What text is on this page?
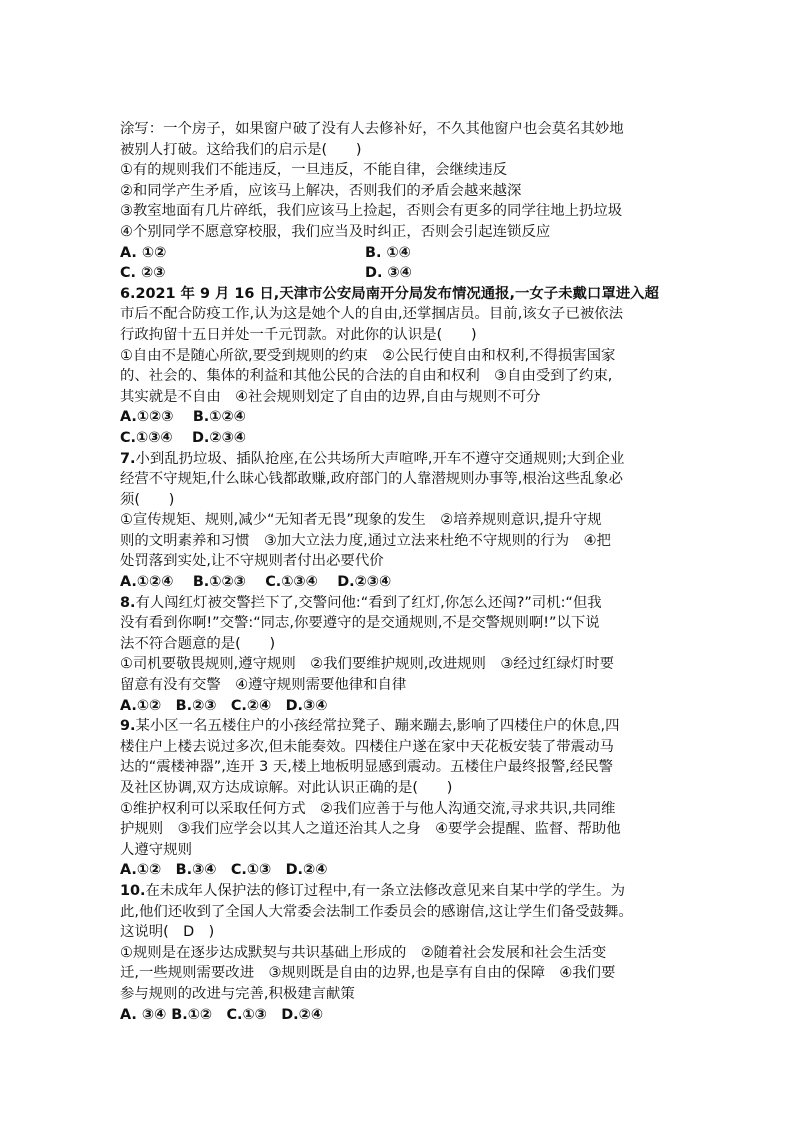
涂写：一个房子，如果窗户破了没有人去修补好，不久其他窗户也会莫名其妙地
被别人打破。这给我们的启示是(　　)
①有的规则我们不能违反，一旦违反，不能自律，会继续违反
②和同学产生矛盾，应该马上解决，否则我们的矛盾会越来越深
③教室地面有几片碎纸，我们应该马上捡起，否则会有更多的同学往地上扔垃圾
④个别同学不愿意穿校服，我们应当及时纠正，否则会引起连锁反应
A. ①②	B. ①④
C. ②③	D. ③④
6.2021 年 9 月 16 日,天津市公安局南开分局发布情况通报,一女子未戴口罩进入超
市后不配合防疫工作,认为这是她个人的自由,还掌掴店员。目前,该女子已被依法
行政拘留十五日并处一千元罚款。对此你的认识是(　　)
①自由不是随心所欲,要受到规则的约束　②公民行使自由和权利,不得损害国家
的、社会的、集体的利益和其他公民的合法的自由和权利　③自由受到了约束,
其实就是不自由　④社会规则划定了自由的边界,自由与规则不可分
A.①②③　 B.①②④
C.①③④　 D.②③④
7.小到乱扔垃圾、插队抢座,在公共场所大声喧哗,开车不遵守交通规则;大到企业
经营不守规矩,什么昧心钱都敢赚,政府部门的人靠潜规则办事等,根治这些乱象必
须(　　)
①宣传规矩、规则,减少“无知者无畏”现象的发生　②培养规则意识,提升守规
则的文明素养和习惯　③加大立法力度,通过立法来杜绝不守规则的行为　④把
处罚落到实处,让不守规则者付出必要代价
A.①②④　 B.①②③　 C.①③④　 D.②③④
8.有人闯红灯被交警拦下了,交警问他:“看到了红灯,你怎么还闯?”司机:“但我
没有看到你啊!”交警:“同志,你要遵守的是交通规则,不是交警规则啊!”以下说
法不符合题意的是(　　)
①司机要敬畏规则,遵守规则　②我们要维护规则,改进规则　③经过红绿灯时要
留意有没有交警　④遵守规则需要他律和自律
A.①②　B.②③　C.②④　D.③④
9.某小区一名五楼住户的小孩经常拉凳子、蹦来蹦去,影响了四楼住户的休息,四
楼住户上楼去说过多次,但未能奏效。四楼住户遂在家中天花板安装了带震动马
达的“震楼神器”,连开 3 天,楼上地板明显感到震动。五楼住户最终报警,经民警
及社区协调,双方达成谅解。对此认识正确的是(　　)
①维护权利可以采取任何方式　②我们应善于与他人沟通交流,寻求共识,共同维
护规则　③我们应学会以其人之道还治其人之身　④要学会提醒、监督、帮助他
人遵守规则
A.①②　B.③④　C.①③　D.②④
10.在未成年人保护法的修订过程中,有一条立法修改意见来自某中学的学生。为
此,他们还收到了全国人大常委会法制工作委员会的感谢信,这让学生们备受鼓舞。
这说明(　D　)
①规则是在逐步达成默契与共识基础上形成的　②随着社会发展和社会生活变
迁,一些规则需要改进　③规则既是自由的边界,也是享有自由的保障　④我们要
参与规则的改进与完善,积极建言献策
A. ③④ B.①②　C.①③　D.②④
